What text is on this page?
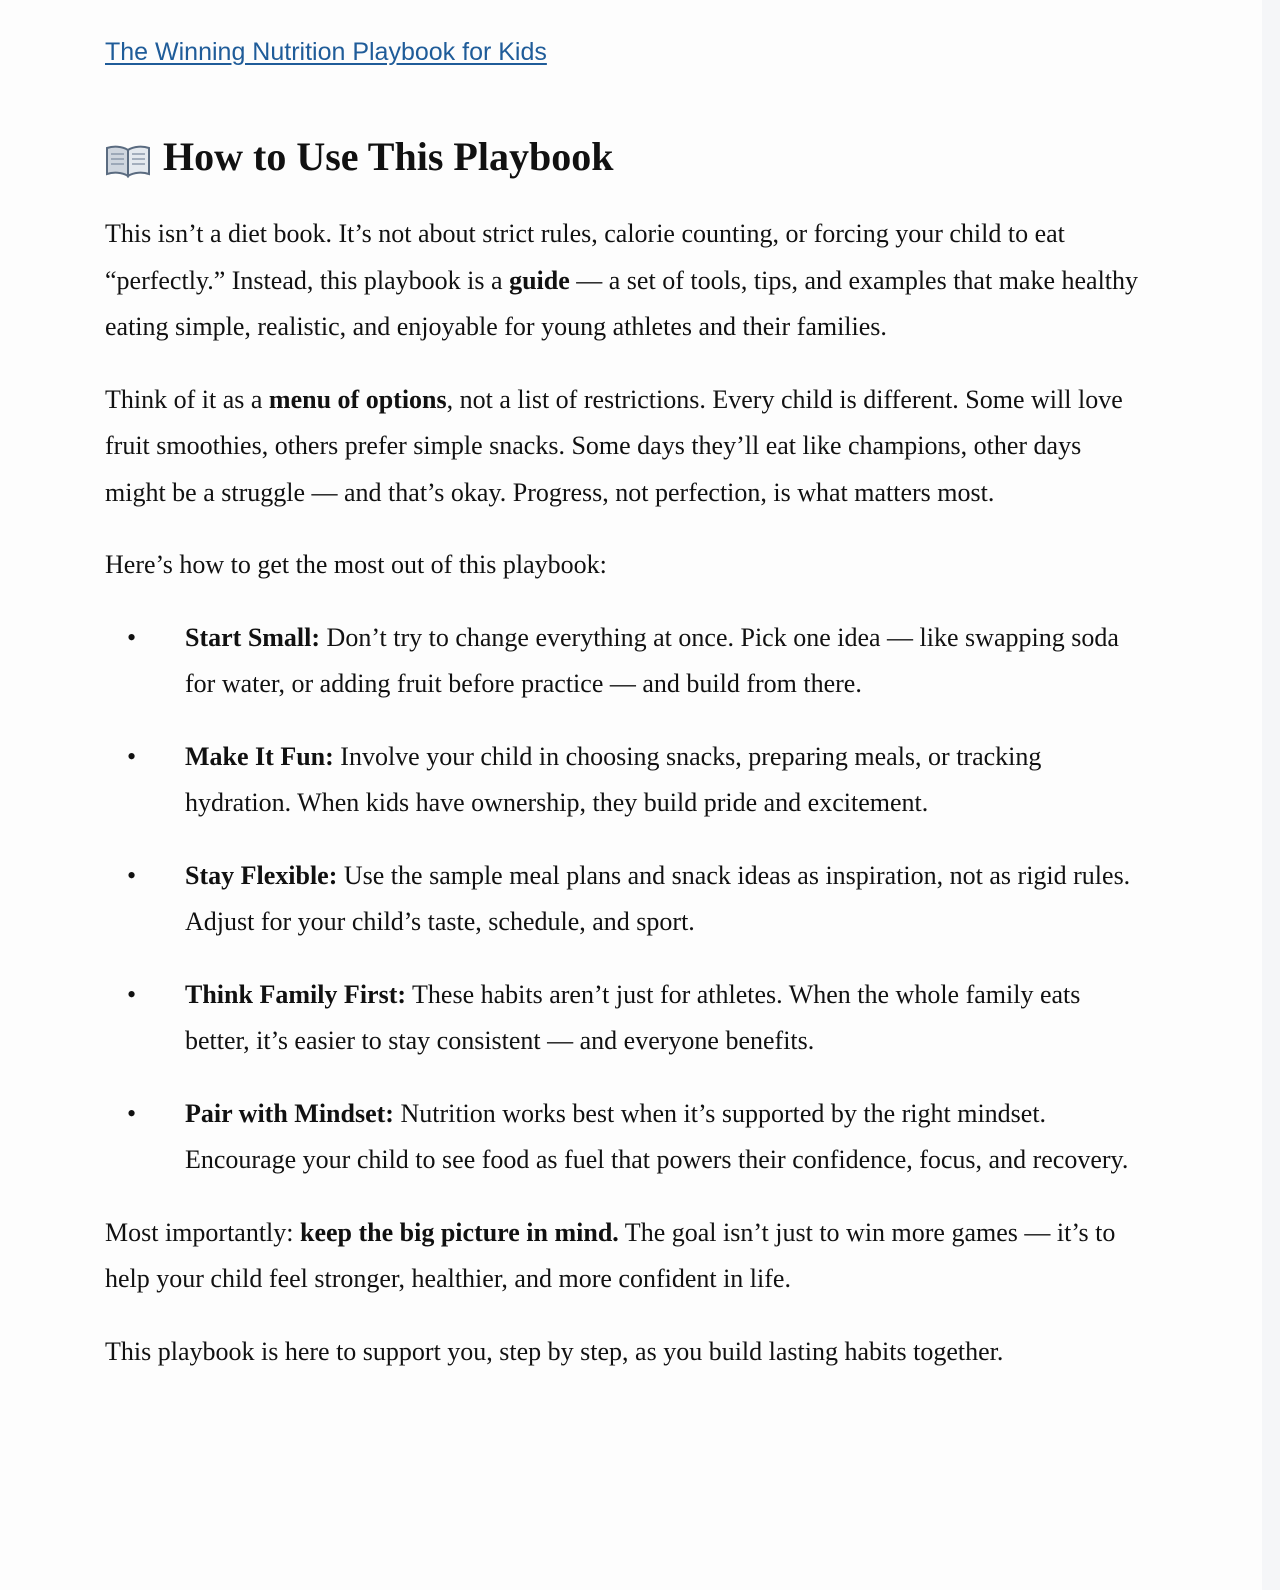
The Winning Nutrition Playbook for Kids
How to Use This Playbook

This isn’t a diet book. It’s not about strict rules, calorie counting, or forcing your child to eat “perfectly.” Instead, this playbook is a guide — a set of tools, tips, and examples that make healthy eating simple, realistic, and enjoyable for young athletes and their families.

Think of it as a menu of options, not a list of restrictions. Every child is different. Some will love fruit smoothies, others prefer simple snacks. Some days they’ll eat like champions, other days might be a struggle — and that’s okay. Progress, not perfection, is what matters most.

Here’s how to get the most out of this playbook:

• Start Small: Don’t try to change everything at once. Pick one idea — like swapping soda for water, or adding fruit before practice — and build from there.
• Make It Fun: Involve your child in choosing snacks, preparing meals, or tracking hydration. When kids have ownership, they build pride and excitement.
• Stay Flexible: Use the sample meal plans and snack ideas as inspiration, not as rigid rules. Adjust for your child’s taste, schedule, and sport.
• Think Family First: These habits aren’t just for athletes. When the whole family eats better, it’s easier to stay consistent — and everyone benefits.
• Pair with Mindset: Nutrition works best when it’s supported by the right mindset. Encourage your child to see food as fuel that powers their confidence, focus, and recovery.

Most importantly: keep the big picture in mind. The goal isn’t just to win more games — it’s to help your child feel stronger, healthier, and more confident in life.

This playbook is here to support you, step by step, as you build lasting habits together.
